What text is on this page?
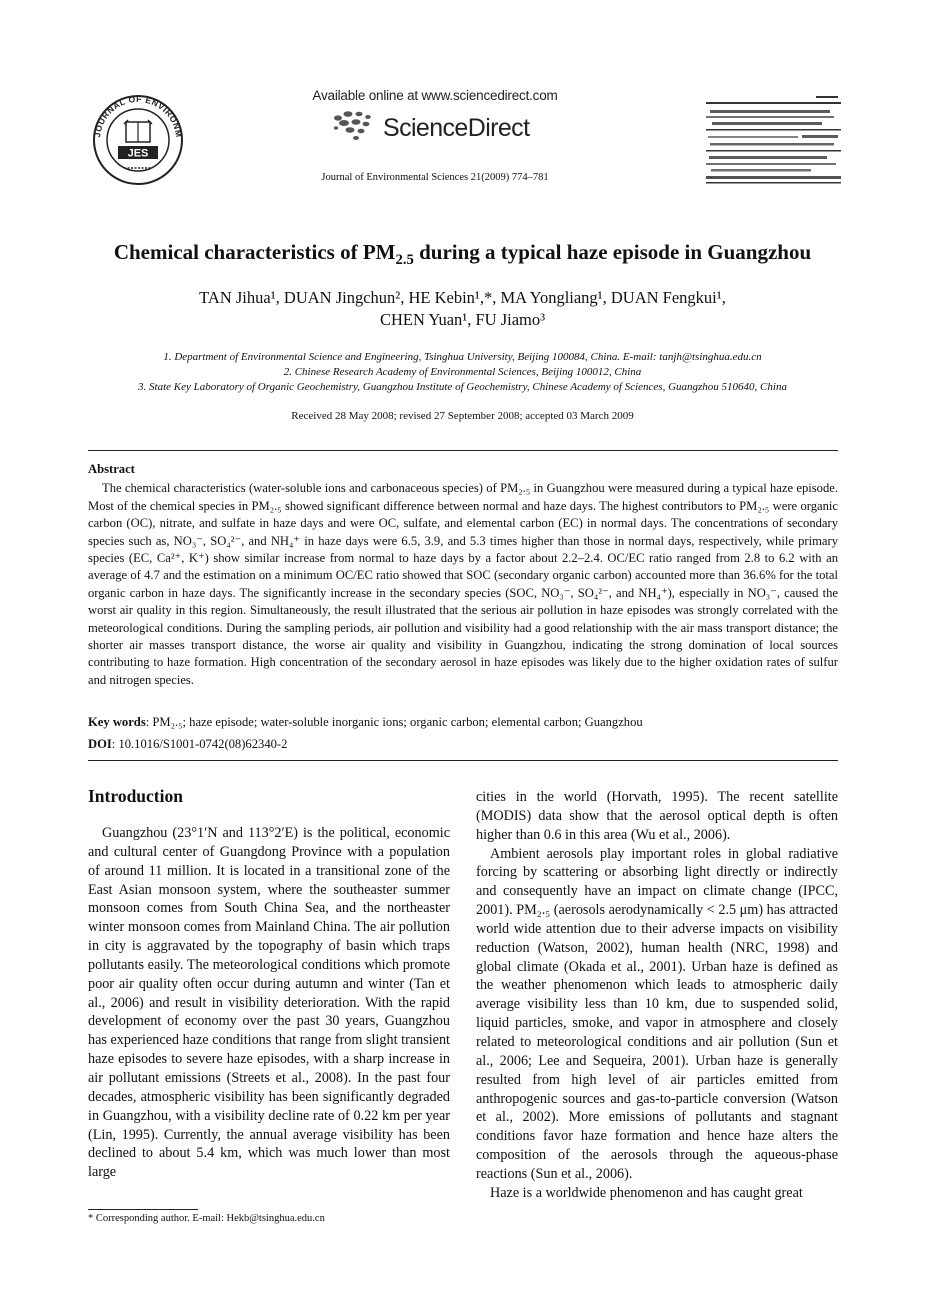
JOURNAL OF ENVIRONM
JES
Available online at www.sciencedirect.com
ScienceDirect
Journal of Environmental Sciences 21(2009) 774–781
Chemical characteristics of $PM_{2.5}$ during a typical haze episode in Guangzhou
TAN Jihua¹, DUAN Jingchun², HE Kebin¹,*, MA Yongliang¹, DUAN Fengkui¹,
CHEN Yuan¹, FU Jiamo³
1. Department of Environmental Science and Engineering, Tsinghua University, Beijing 100084, China. E-mail: tanjh@tsinghua.edu.cn
2. Chinese Research Academy of Environmental Sciences, Beijing 100012, China
3. State Key Laboratory of Organic Geochemistry, Guangzhou Institute of Geochemistry, Chinese Academy of Sciences, Guangzhou 510640, China
Received 28 May 2008; revised 27 September 2008; accepted 03 March 2009
Abstract

The chemical characteristics (water-soluble ions and carbonaceous species) of PM₂.₅ in Guangzhou were measured during a typical haze episode. Most of the chemical species in PM₂.₅ showed significant difference between normal and haze days. The highest contributors to PM₂.₅ were organic carbon (OC), nitrate, and sulfate in haze days and were OC, sulfate, and elemental carbon (EC) in normal days. The concentrations of secondary species such as, NO₃⁻, SO₄²⁻, and NH₄⁺ in haze days were 6.5, 3.9, and 5.3 times higher than those in normal days, respectively, while primary species (EC, Ca²⁺, K⁺) show similar increase from normal to haze days by a factor about 2.2–2.4. OC/EC ratio ranged from 2.8 to 6.2 with an average of 4.7 and the estimation on a minimum OC/EC ratio showed that SOC (secondary organic carbon) accounted more than 36.6% for the total organic carbon in haze days. The significantly increase in the secondary species (SOC, NO₃⁻, SO₄²⁻, and NH₄⁺), especially in NO₃⁻, caused the worst air quality in this region. Simultaneously, the result illustrated that the serious air pollution in haze episodes was strongly correlated with the meteorological conditions. During the sampling periods, air pollution and visibility had a good relationship with the air mass transport distance; the shorter air masses transport distance, the worse air quality and visibility in Guangzhou, indicating the strong domination of local sources contributing to haze formation. High concentration of the secondary aerosol in haze episodes was likely due to the higher oxidation rates of sulfur and nitrogen species.

Key words: PM₂.₅; haze episode; water-soluble inorganic ions; organic carbon; elemental carbon; Guangzhou
DOI: 10.1016/S1001-0742(08)62340-2
Introduction

Guangzhou (23°1′N and 113°2′E) is the political, economic and cultural center of Guangdong Province with a population of around 11 million. It is located in a transitional zone of the East Asian monsoon system, where the southeaster summer monsoon comes from South China Sea, and the northeaster winter monsoon comes from Mainland China. The air pollution in city is aggravated by the topography of basin which traps pollutants easily. The meteorological conditions which promote poor air quality often occur during autumn and winter (Tan et al., 2006) and result in visibility deterioration. With the rapid development of economy over the past 30 years, Guangzhou has experienced haze conditions that range from slight transient haze episodes to severe haze episodes, with a sharp increase in air pollutant emissions (Streets et al., 2008). In the past four decades, atmospheric visibility has been significantly degraded in Guangzhou, with a visibility decline rate of 0.22 km per year (Lin, 1995). Currently, the annual average visibility has been declined to about 5.4 km, which was much lower than most large

cities in the world (Horvath, 1995). The recent satellite (MODIS) data show that the aerosol optical depth is often higher than 0.6 in this area (Wu et al., 2006).

Ambient aerosols play important roles in global radiative forcing by scattering or absorbing light directly or indirectly and consequently have an impact on climate change (IPCC, 2001). PM₂.₅ (aerosols aerodynamically < 2.5 μm) has attracted world wide attention due to their adverse impacts on visibility reduction (Watson, 2002), human health (NRC, 1998) and global climate (Okada et al., 2001). Urban haze is defined as the weather phenomenon which leads to atmospheric daily average visibility less than 10 km, due to suspended solid, liquid particles, smoke, and vapor in atmosphere and closely related to meteorological conditions and air pollution (Sun et al., 2006; Lee and Sequeira, 2001). Urban haze is generally resulted from high level of air particles emitted from anthropogenic sources and gas-to-particle conversion (Watson et al., 2002). More emissions of pollutants and stagnant conditions favor haze formation and hence haze alters the composition of the aerosols through the aqueous-phase reactions (Sun et al., 2006).

Haze is a worldwide phenomenon and has caught great

* Corresponding author. E-mail: Hekb@tsinghua.edu.cn
